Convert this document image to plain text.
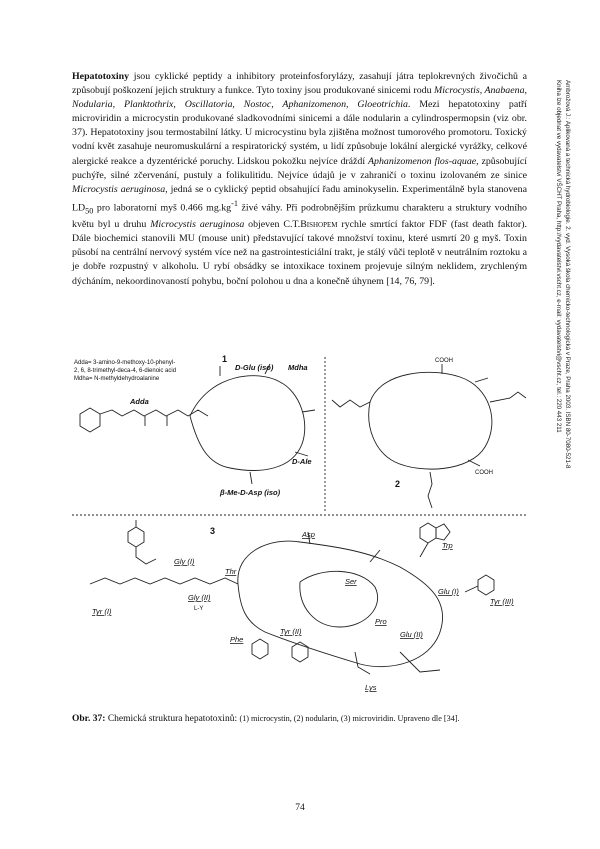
Hepatotoxiny jsou cyklické peptidy a inhibitory proteinfosforylázy, zasahují játra teplokrevných živočichů a způsobují poškození jejich struktury a funkce. Tyto toxiny jsou produkované sinicemi rodu Microcystis, Anabaena, Nodularia, Planktothrix, Oscillatoria, Nostoc, Aphanizomenon, Gloeotrichia. Mezi hepatotoxiny patří microviridin a microcystin produkované sladkovodními sinicemi a dále nodularin a cylindrospermopsin (viz obr. 37). Hepatotoxiny jsou termostabilní látky. U microcystinu byla zjištěna možnost tumorového promotoru. Toxický vodní květ zasahuje neuromuskulární a respiratorický systém, u lidí způsobuje lokální alergické vyrážky, celkové alergické reakce a dyzentérické poruchy. Lidskou pokožku nejvíce dráždí Aphanizomenon flos-aquae, způsobující puchýře, silné zčervenání, pustuly a folikulitidu. Nejvíce údajů je v zahraničí o toxinu izolovaném ze sinice Microcystis aeruginosa, jedná se o cyklický peptid obsahující řadu aminokyselin. Experimentálně byla stanovena $LD_{50}$ pro laboratorní myš 0.466 $mg.kg^{-1}$ živé váhy. Při podrobnějším průzkumu charakteru a struktury vodního květu byl u druhu Microcystis aeruginosa objeven C.T.Bishopem rychle smrtící faktor FDF (fast death faktor). Dále biochemici stanovili MU (mouse unit) představující takové množství toxinu, které usmrtí 20 g myš. Toxin působí na centrální nervový systém více než na gastrointesticiální trakt, je stálý vůči teplotě v neutrálním roztoku a je dobře rozpustný v alkoholu. U rybí obsádky se intoxikace toxinem projevuje silným neklidem, zrychleným dýcháním, nekoordinovaností pohybu, boční polohou u dna a konečně úhynem [14, 76, 79].	Ambrožová J.: Aplikovaná a technická hydrobiologie. 2. vyd. Vysoká škola chemicko-technologická v Praze, Praha 2003. ISBN 80-7080-521-8
Kniha lze objednat ve vydavatelství VŠCHT Praha, http://vydavatelstvi.vscht.cz, e-mail: vydavatelstvi@vscht.cz, tel.: 220 443 211
1
Adda= 3-amino-9-methoxy-10-phenyl-
2, 6, 8-trimethyl-deca-4, 6-dienoic acid
Mdha= N-methyldehydroalanine
Adda
D-Glu (iso) Mdha
D-Ale
β-Me-D-Asp (iso)
2
COOH
COOH
3	Asp
Trp
Thr
Gly (I)
Gly (II)
L-Y
Ser
Glu (I)
Glu (II)
Tyr (I)
Tyr (II)
Tyr (III)
Pro
Phe
Lys

Obr. 37: Chemická struktura hepatotoxinů: (1) microcystin, (2) nodularin, (3) microviridin. Upraveno dle [34].

74
